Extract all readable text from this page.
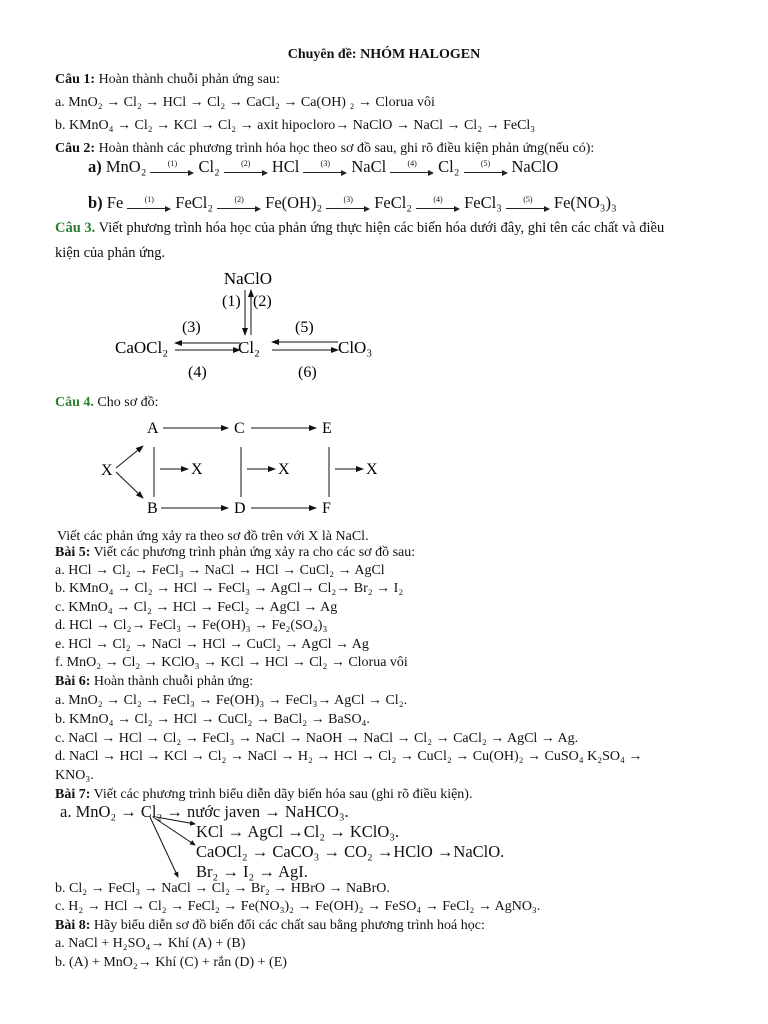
Chuyên đề: NHÓM HALOGEN
Câu 1: Hoàn thành chuỗi phản ứng sau:
a. MnO₂ → Cl₂ → HCl → Cl₂ → CaCl₂ → Ca(OH) ₂ → Clorua vôi
b. KMnO₄ → Cl₂ → KCl → Cl₂ → axit hipocloro→ NaClO → NaCl → Cl₂ → FeCl₃
Câu 2: Hoàn thành các phương trình hóa học theo sơ đồ sau, ghi rõ điều kiện phản ứng(nếu có):
a) MnO₂	(1)	Cl₂	(2)	HCl	(3)	NaCl	(4)	Cl₂	(5)	NaClO
b) Fe	(1)	FeCl₂	(2)	Fe(OH)₂	(3)	FeCl₂	(4)	FeCl₃	(5)	Fe(NO₃)₃
Câu 3. Viết phương trình hóa học của phản ứng thực hiện các biến hóa dưới đây, ghi tên các chất và điều
kiện của phản ứng.
NaClO
(1) (2)
(3)	(5)
CaOCl₂	Cl₂	ClO₃
(4)	(6)
Câu 4. Cho sơ đồ:
X
A
B
C
D
E
F
X	X	X
Viết các phản ứng xảy ra theo sơ đồ trên với X là NaCl.
Bài 5: Viết các phương trình phản ứng xảy ra cho các sơ đồ sau:
a. HCl → Cl₂ → FeCl₃ → NaCl → HCl → CuCl₂ → AgCl
b. KMnO₄ → Cl₂ → HCl → FeCl₃ → AgCl→ Cl₂→ Br₂ → I₂
c. KMnO₄ → Cl₂ → HCl → FeCl₂ → AgCl → Ag
d. HCl → Cl₂→ FeCl₃ → Fe(OH)₃ → Fe₂(SO₄)₃
e. HCl → Cl₂ → NaCl → HCl → CuCl₂ → AgCl → Ag
f. MnO₂ → Cl₂ → KClO₃ → KCl → HCl → Cl₂ → Clorua vôi
Bài 6: Hoàn thành chuỗi phản ứng:
a. MnO₂ → Cl₂ → FeCl₃ → Fe(OH)₃ → FeCl₃→ AgCl → Cl₂.
b. KMnO₄ → Cl₂ → HCl → CuCl₂ → BaCl₂ → BaSO₄.
c. NaCl → HCl → Cl₂ → FeCl₃ → NaCl → NaOH → NaCl → Cl₂ → CaCl₂ → AgCl → Ag.
d. NaCl → HCl → KCl → Cl₂ → NaCl → H₂ → HCl → Cl₂ → CuCl₂ → Cu(OH)₂ → CuSO₄ K₂SO₄ →
KNO₃.
Bài 7: Viết các phương trình biểu diễn dãy biến hóa sau (ghi rõ điều kiện).
a. MnO₂ → Cl₂ → nước javen → NaHCO₃.
KCl → AgCl →Cl₂ → KClO₃.
CaOCl₂ → CaCO₃ → CO₂ →HClO →NaClO.
Br₂ → I₂ → AgI.
b. Cl₂ → FeCl₃ → NaCl → Cl₂ → Br₂ → HBrO → NaBrO.
c. H₂ → HCl → Cl₂ → FeCl₂ → Fe(NO₃)₂ → Fe(OH)₂ → FeSO₄ → FeCl₂ → AgNO₃.
Bài 8: Hãy biểu diễn sơ đồ biến đổi các chất sau bằng phương trình hoá học:
a. NaCl + H₂SO₄→ Khí (A) + (B)
b. (A) + MnO₂→ Khí (C) + rắn (D) + (E)
